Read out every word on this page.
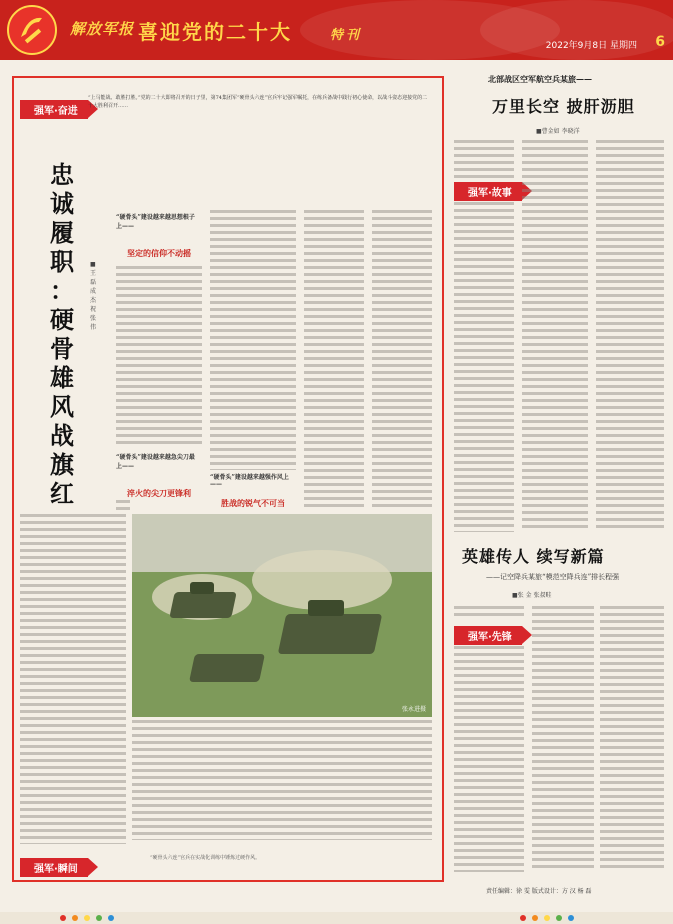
解放军报 喜迎党的二十大	特刊
2022年9月8日 星期四 6
强军·奋进
“上马能战、敢胜打胜。”党的二十大即将召开的日子里，第74集团军“硬骨头六连”官兵牢记强军嘱托，在练兵备战中践行初心使命，以战斗姿态迎接党的二十大胜利召开……
忠 诚 履 职 ： 硬 骨 雄 风 战 旗 红
■王 磊 成 杰 祝 张 伟
“硬骨头”建设越来越思想根子上——
坚定的信仰不动摇
“硬骨头”建设越来越急尖刀最上——
淬火的尖刀更锋利
“硬骨头”建设越来越强作风上——
胜战的锐气不可当
张永进摄
强军·瞬间
“硬骨头六连”官兵在实战化训练中锤炼过硬作风。
北部战区空军航空兵某旅——
万里长空 披肝沥胆
■曹金如 李晓洋
强军·故事
英雄传人 续写新篇
——记空降兵某旅“模范空降兵连”排长程强
■张 金 张叔畦
强军·先锋
责任编辑：徐 雯 版式设计：方 汉 杨 磊
